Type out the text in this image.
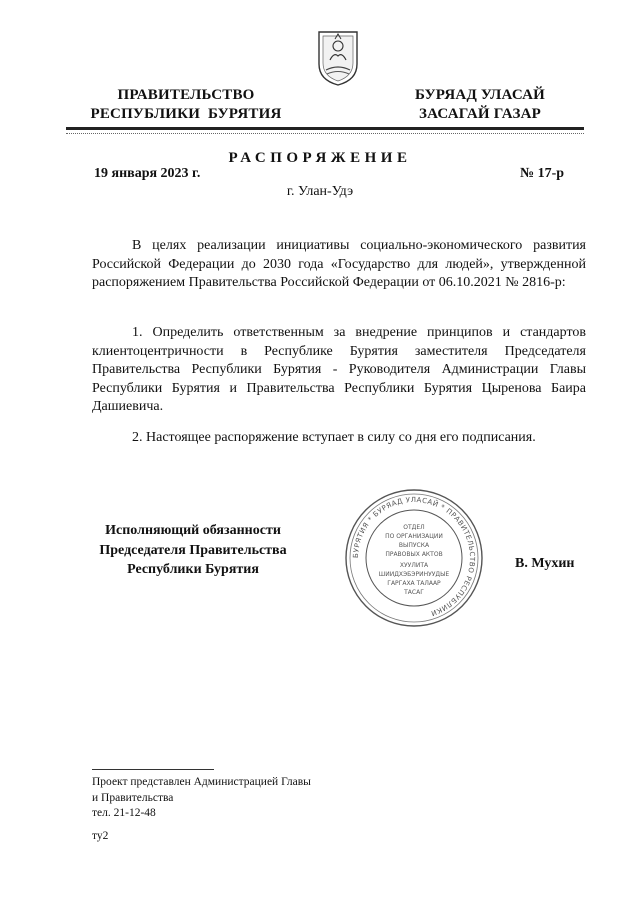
ПРАВИТЕЛЬСТВО
РЕСПУБЛИКИ  БУРЯТИЯ
БУРЯАД УЛАСАЙ
ЗАСАГАЙ ГАЗАР
РАСПОРЯЖЕНИЕ
19 января 2023 г.	№ 17-р
г. Улан-Удэ

В целях реализации инициативы социально-экономического развития Российской Федерации до 2030 года «Государство для людей», утвержденной распоряжением Правительства Российской Федерации от 06.10.2021 № 2816-р:

1. Определить ответственным за внедрение принципов и стандартов клиентоцентричности в Республике Бурятия заместителя Председателя Правительства Республики Бурятия - Руководителя Администрации Главы Республики Бурятия и Правительства Республики Бурятия Цыренова Баира Дашиевича.

2. Настоящее распоряжение вступает в силу со дня его подписания.

Исполняющий обязанности
Председателя Правительства
Республики Бурятия	В. Мухин
БУРЯТИЯ * БУРЯАД УЛАСАЙ * ПРАВИТЕЛЬСТВО РЕСПУБЛИКИ
ОТДЕЛ
ПО ОРГАНИЗАЦИИ
ВЫПУСКА
ПРАВОВЫХ АКТОВ
ХУУЛИТА
ШИИДХЭБЭРИНУУДЫЕ
ГАРГАХА ТАЛААР
ТАСАГ
Проект представлен Администрацией Главы
и Правительства
тел. 21-12-48
ту2
